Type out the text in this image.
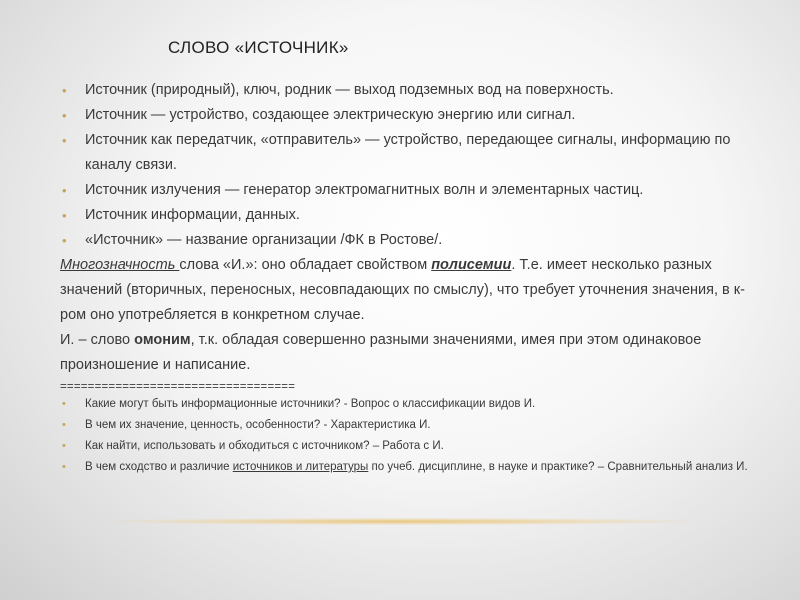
СЛОВО «ИСТОЧНИК»
• Источник (природный), ключ, родник — выход подземных вод на поверхность.
• Источник — устройство, создающее электрическую энергию или сигнал.
• Источник как передатчик, «отправитель» — устройство, передающее сигналы, информацию по каналу связи.
• Источник излучения — генератор электромагнитных волн и элементарных частиц.
• Источник информации, данных.
• «Источник» — название организации /ФК в Ростове/.

Многозначность слова «И.»: оно обладает свойством полисемии. Т.е. имеет несколько разных значений (вторичных, переносных, несовпадающих по смыслу), что требует уточнения значения, в к-ром оно употребляется в конкретном случае.

И. – слово омоним, т.к. обладая совершенно разными значениями, имея при этом одинаковое произношение и написание.

==================================
• Какие могут быть информационные источники? - Вопрос о классификации видов И.
• В чем их значение, ценность, особенности? - Характеристика И.
• Как найти, использовать и обходиться с источником? – Работа с И.
• В чем сходство и различие источников и литературы по учеб. дисциплине, в науке и практике? – Сравнительный анализ И.
